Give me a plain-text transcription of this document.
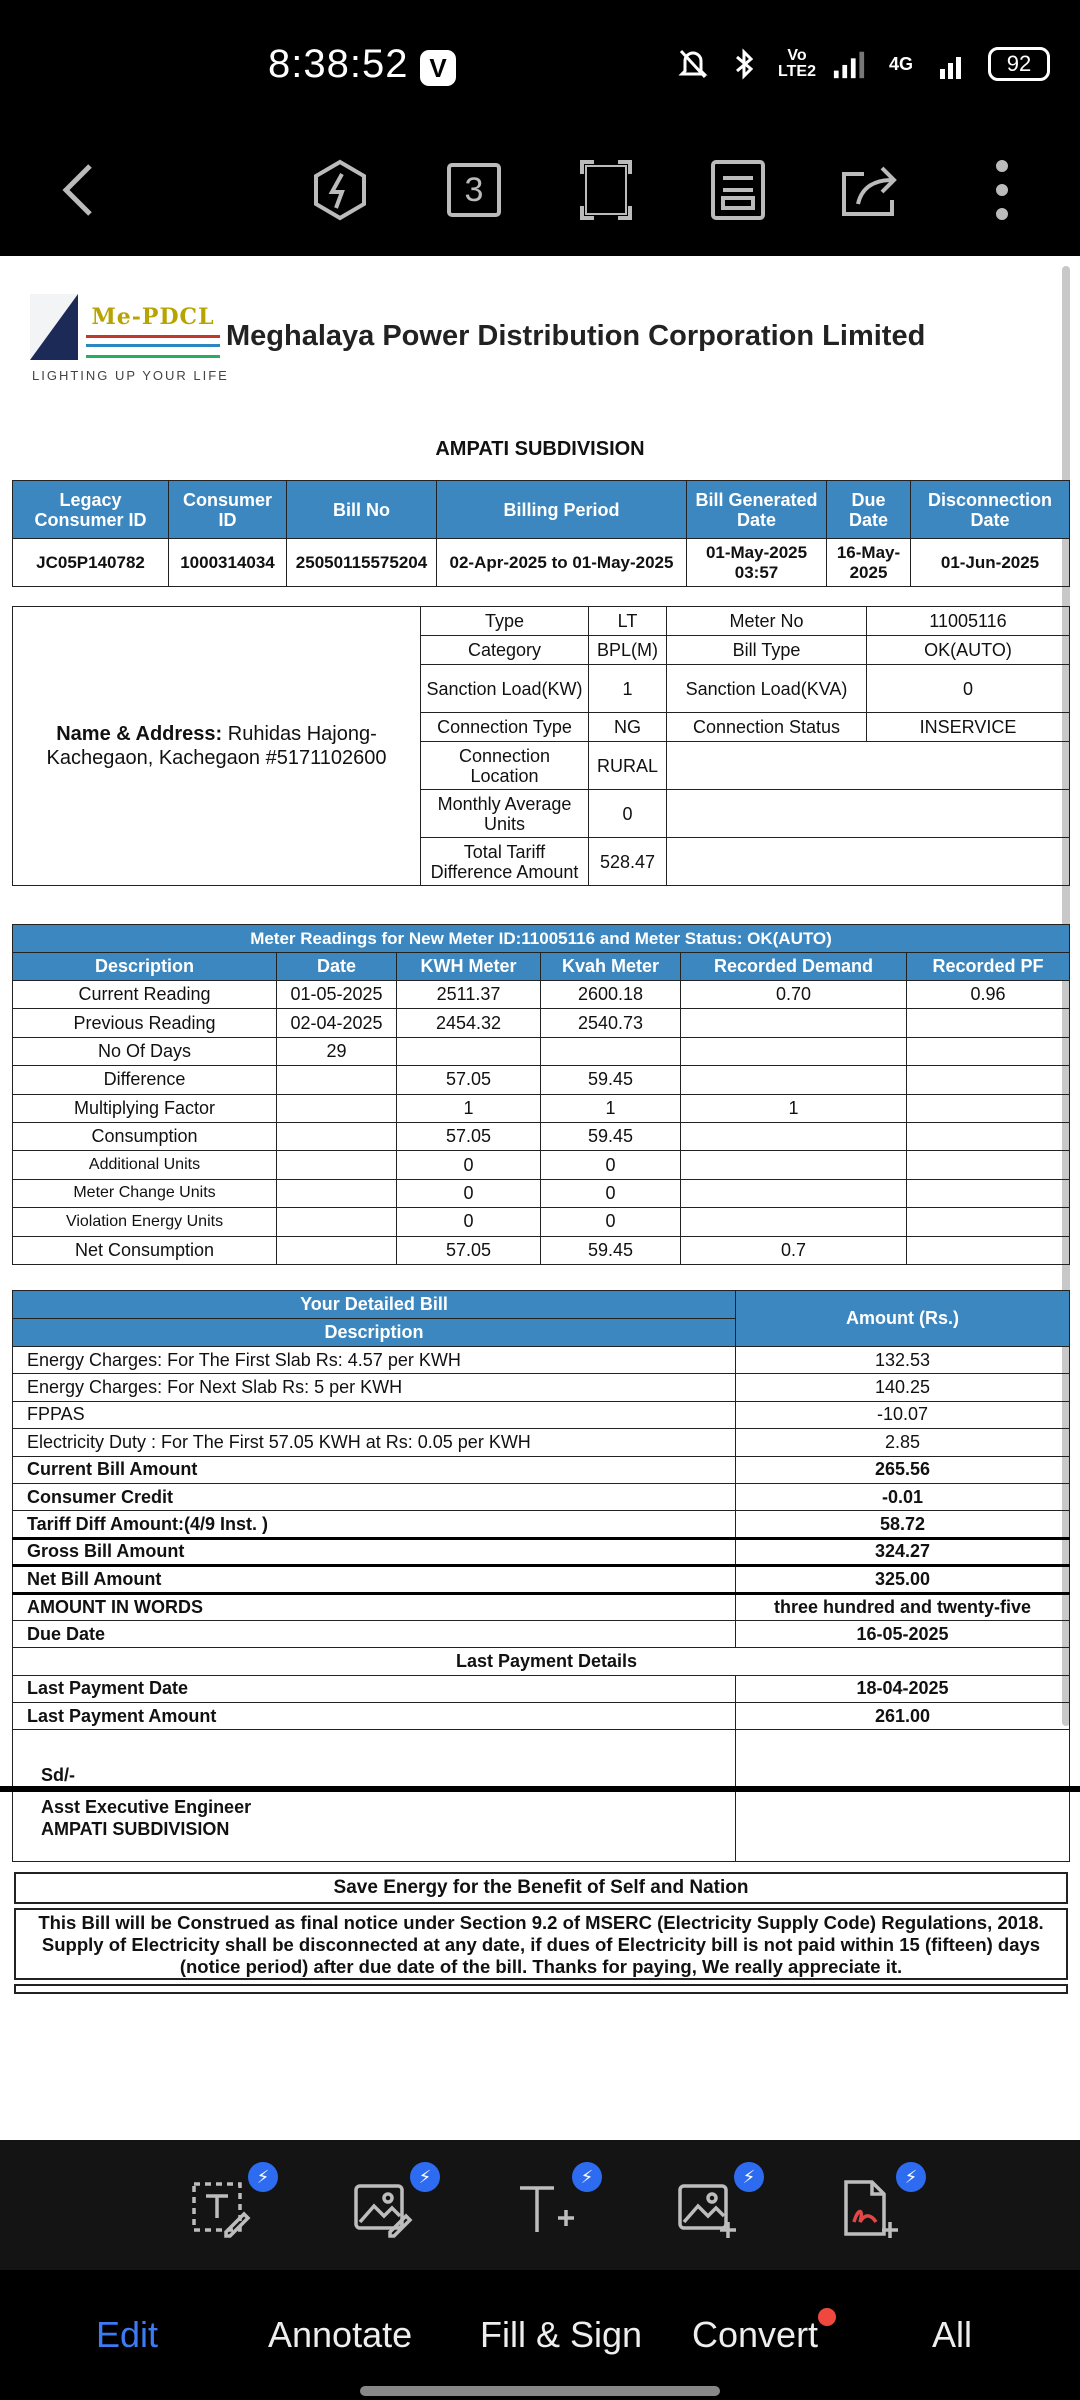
8:38:52 V	Vo LTE2	4G	92
3
Me-PDCL
LIGHTING UP YOUR LIFE
Meghalaya Power Distribution Corporation Limited
AMPATI SUBDIVISION
Legacy Consumer ID	Consumer ID	Bill No	Billing Period	Bill Generated Date	Due Date	Disconnection Date
JC05P140782	1000314034	25050115575204	02-Apr-2025 to 01-May-2025	01-May-2025 03:57	16-May-2025	01-Jun-2025
Name & Address: Ruhidas Hajong-Kachegaon, Kachegaon #5171102600	Type	LT	Meter No	11005116
	Category	BPL(M)	Bill Type	OK(AUTO)
	Sanction Load(KW)	1	Sanction Load(KVA)	0
	Connection Type	NG	Connection Status	INSERVICE
	Connection Location	RURAL		
	Monthly Average Units	0		
	Total Tariff Difference Amount	528.47		
Meter Readings for New Meter ID:11005116 and Meter Status: OK(AUTO)					
Description	Date	KWH Meter	Kvah Meter	Recorded Demand	Recorded PF
Current Reading	01-05-2025	2511.37	2600.18	0.70	0.96
Previous Reading	02-04-2025	2454.32	2540.73		
No Of Days	29				
Difference		57.05	59.45		
Multiplying Factor		1	1	1	
Consumption		57.05	59.45		
Additional Units		0	0		
Meter Change Units		0	0		
Violation Energy Units		0	0		
Net Consumption		57.05	59.45	0.7	
Your Detailed Bill	Amount (Rs.)
Description	
Energy Charges: For The First Slab Rs: 4.57 per KWH	132.53
Energy Charges: For Next Slab Rs: 5 per KWH	140.25
FPPAS	-10.07
Electricity Duty : For The First 57.05 KWH at Rs: 0.05 per KWH	2.85
Current Bill Amount	265.56
Consumer Credit	-0.01
Tariff Diff Amount:(4/9 Inst. )	58.72
Gross Bill Amount	324.27
Net Bill Amount	325.00
AMOUNT IN WORDS	three hundred and twenty-five
Due Date	16-05-2025
Last Payment Details	
Last Payment Date	18-04-2025
Last Payment Amount	261.00
Sd/-	

Asst Executive Engineer
AMPATI SUBDIVISION	

Save Energy for the Benefit of Self and Nation
This Bill will be Construed as final notice under Section 9.2 of MSERC (Electricity Supply Code) Regulations, 2018. Supply of Electricity shall be disconnected at any date, if dues of Electricity bill is not paid within 15 (fifteen) days (notice period) after due date of the bill. Thanks for paying, We really appreciate it.
⚡	⚡	⚡	⚡	⚡
Edit	Annotate Fill & Sign Convert	All
